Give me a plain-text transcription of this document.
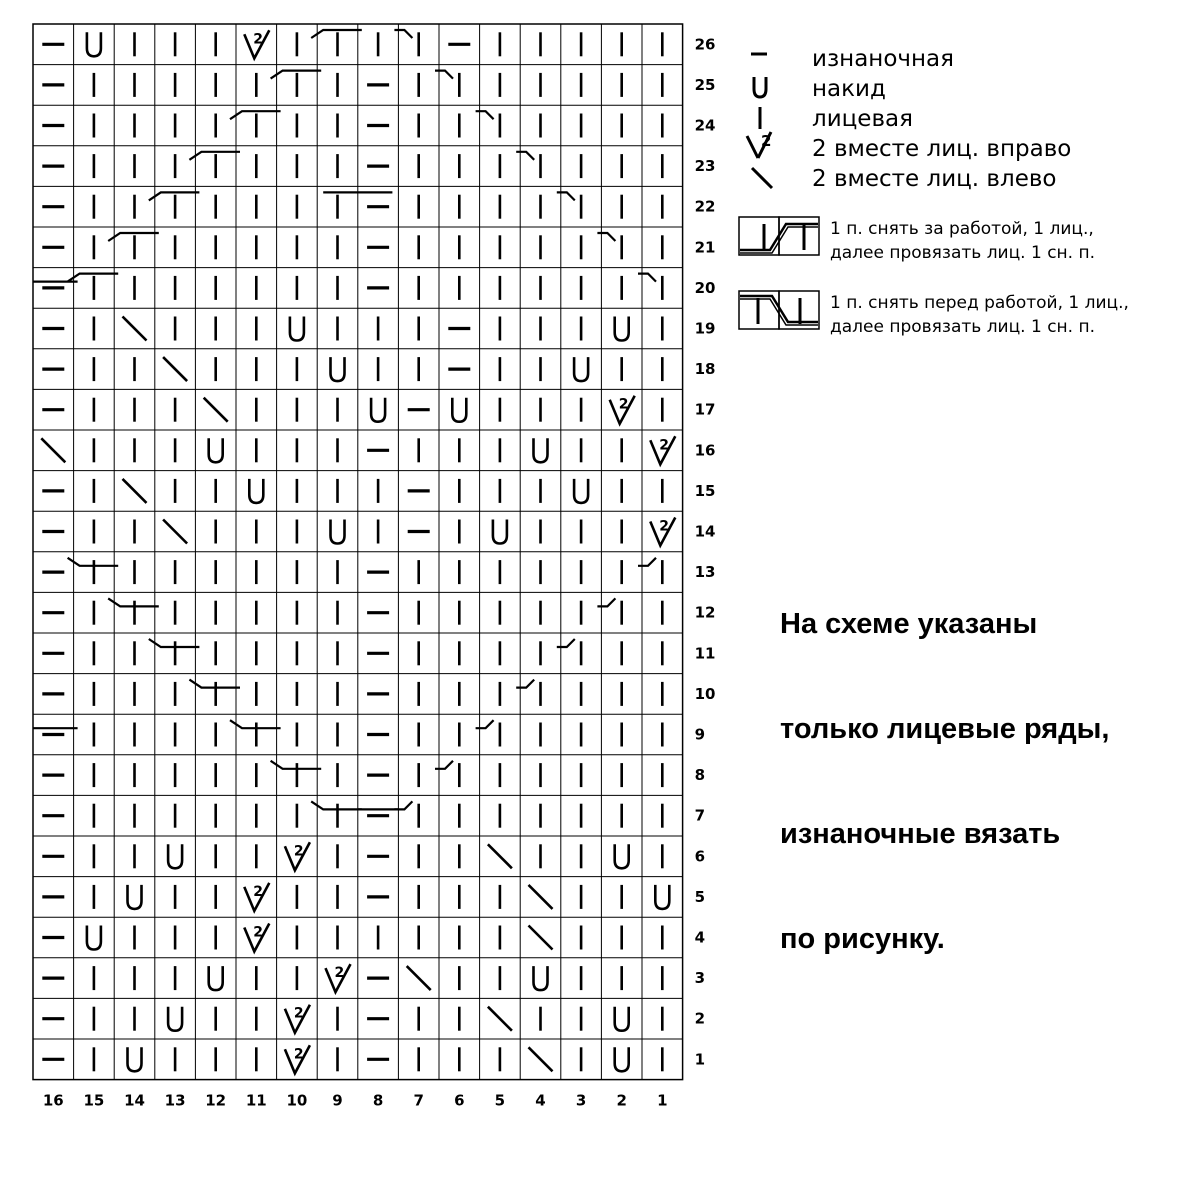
2
2
2
2
2
2
2
2
2
2
1
2
3
4
5
6
7
8
9
10
11
12
13
14
15
16
17
18
19
20
21
22
23
24
25
26
16 15 14 13 12 11 10 9 8 7 6 5 4 3 2 1
изнаночная
накид
лицевая
2 2 вместе лиц. вправо
2 вместе лиц. влево
1 п. снять за работой, 1 лиц.,
далее провязать лиц. 1 сн. п.
1 п. снять перед работой, 1 лиц.,
далее провязать лиц. 1 сн. п.

На схеме указаны

только лицевые ряды,

изнаночные вязать

по рисунку.
